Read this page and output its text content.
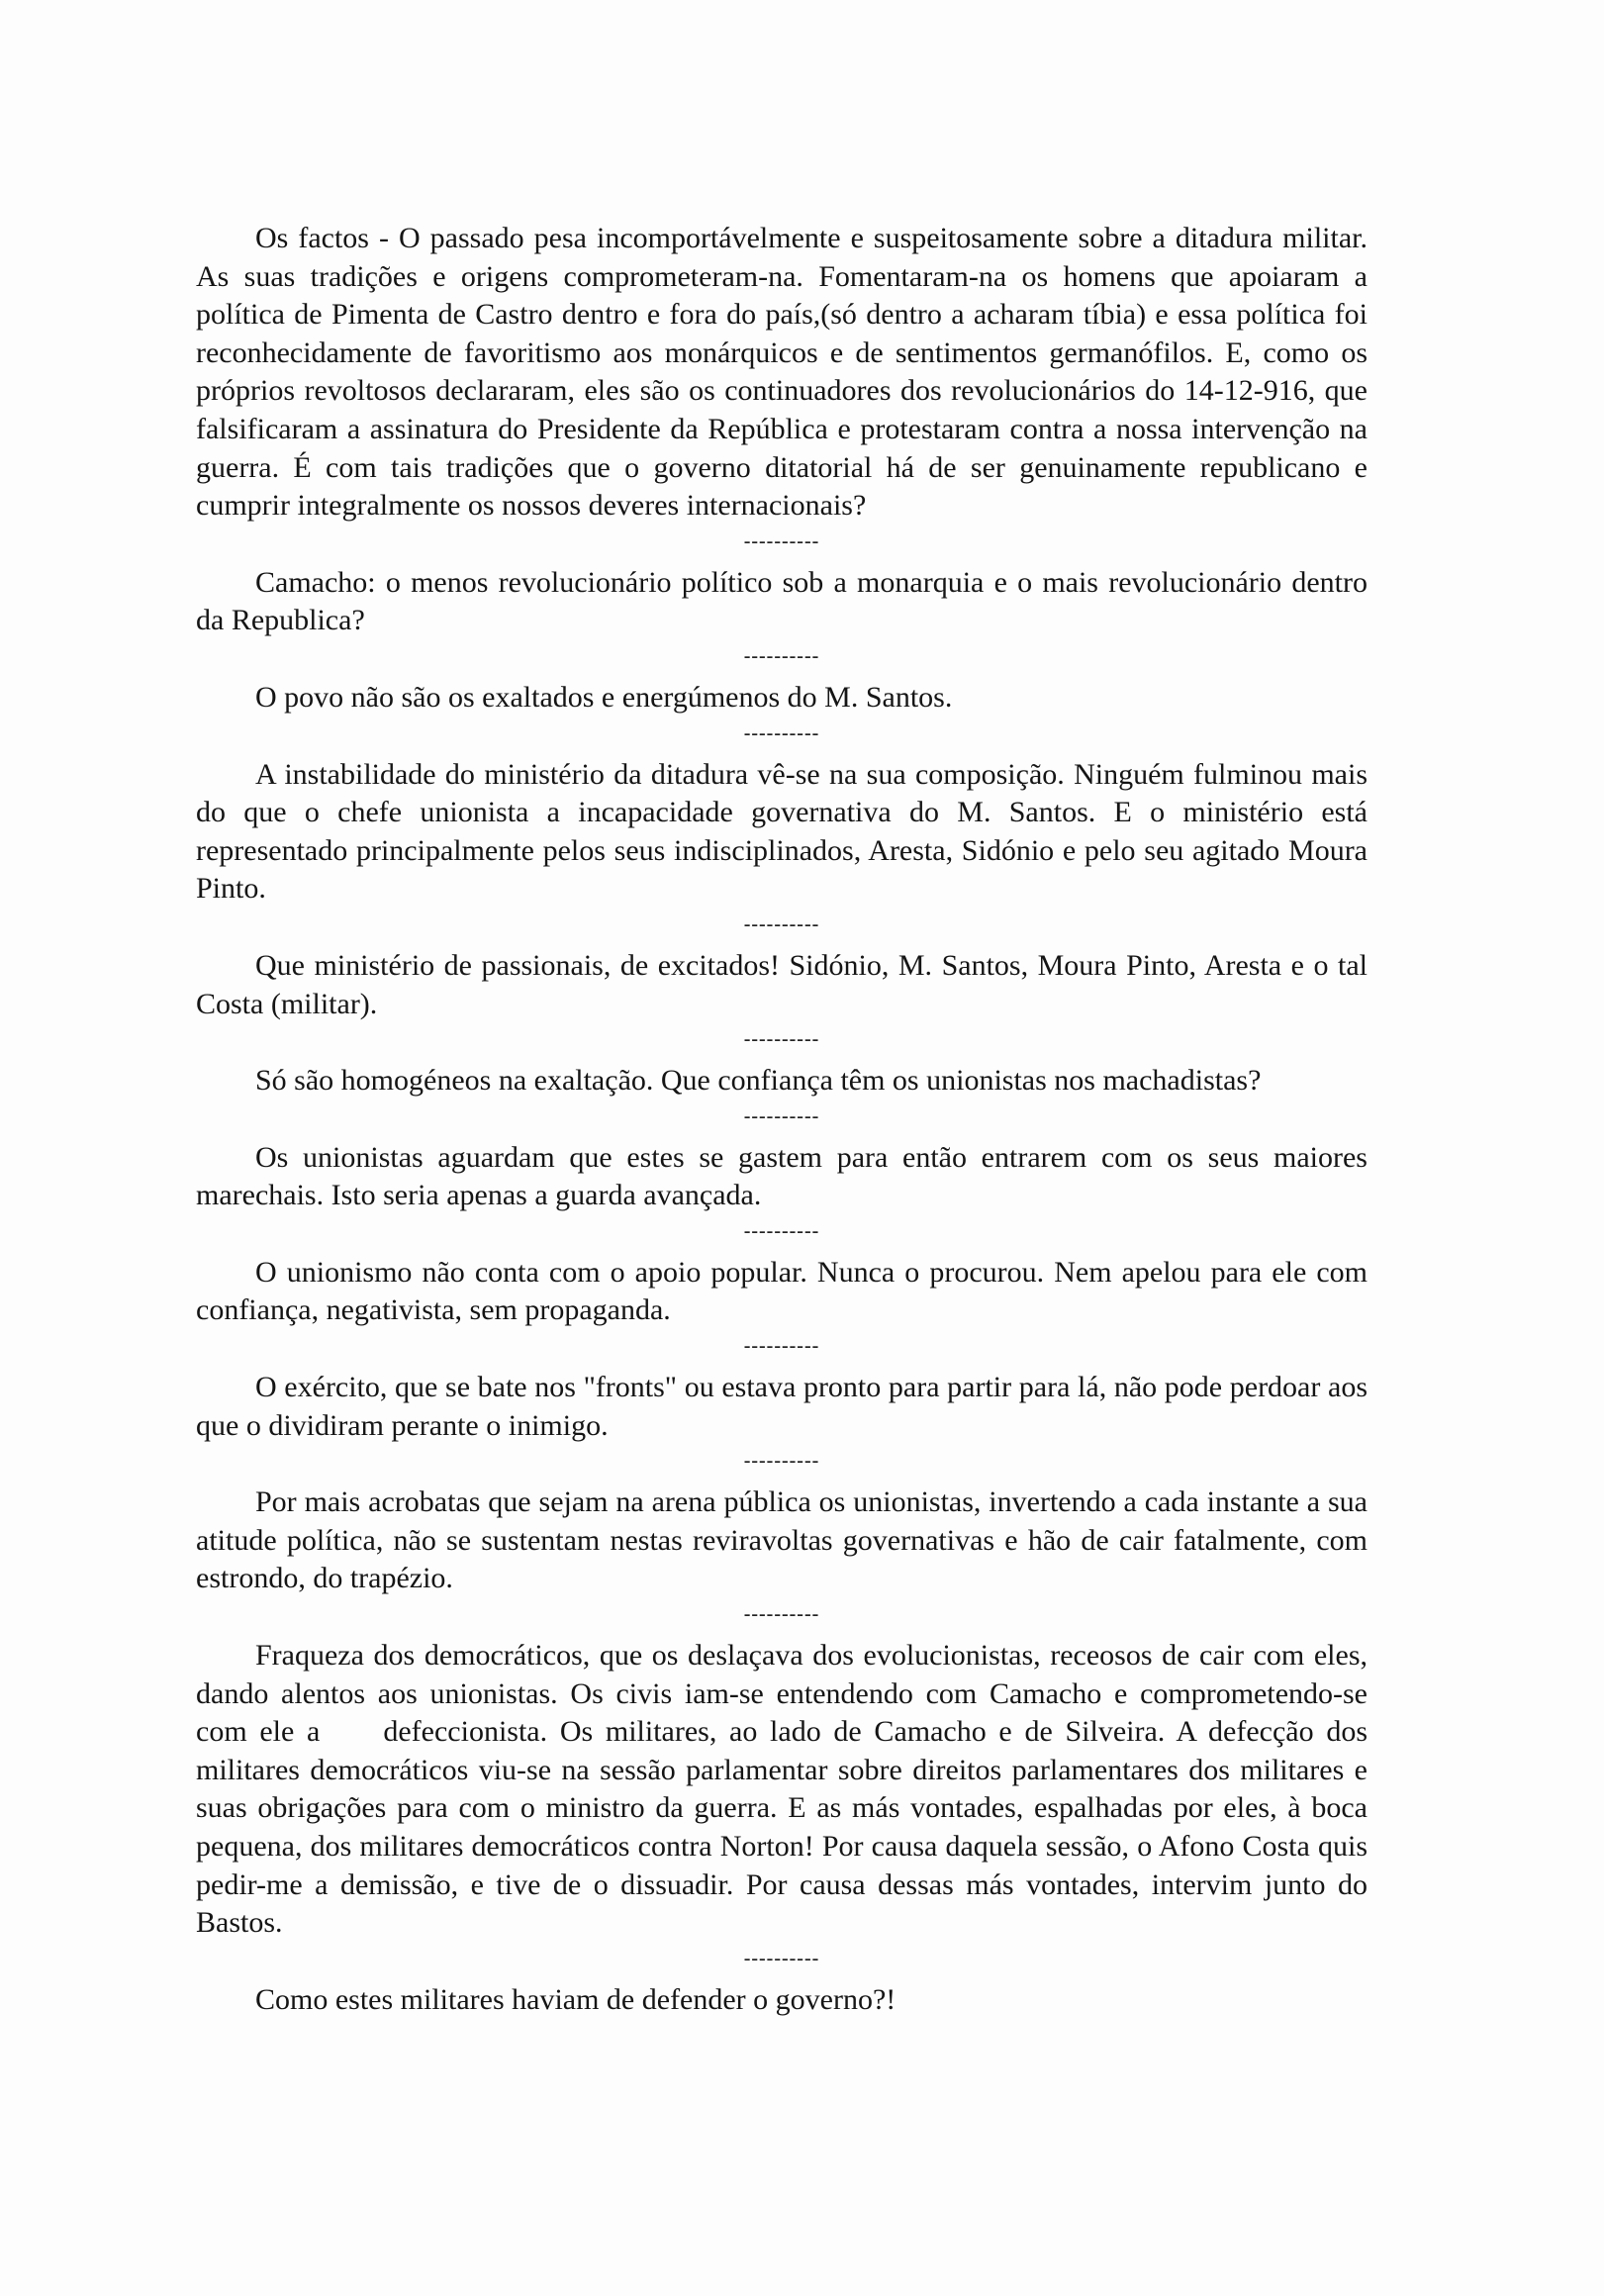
Os factos - O passado pesa incomportávelmente e suspeitosamente sobre a ditadura militar. As suas tradições e origens comprometeram-na. Fomentaram-na os homens que apoiaram a política de Pimenta de Castro dentro e fora do país,(só dentro a acharam tíbia) e essa política foi reconhecidamente de favoritismo aos monárquicos e de sentimentos germanófilos. E, como os próprios revoltosos declararam, eles são os continuadores dos revolucionários do 14-12-916, que falsificaram a assinatura do Presidente da República e protestaram contra a nossa intervenção na guerra. É com tais tradições que o governo ditatorial há de ser genuinamente republicano e cumprir integralmente os nossos deveres internacionais?

----------

Camacho: o menos revolucionário político sob a monarquia e o mais revolucionário dentro da Republica?

----------

O povo não são os exaltados e energúmenos do M. Santos.

----------

A instabilidade do ministério da ditadura vê-se na sua composição. Ninguém fulminou mais do que o chefe unionista a incapacidade governativa do M. Santos. E o ministério está representado principalmente pelos seus indisciplinados, Aresta, Sidónio e pelo seu agitado Moura Pinto.

----------

Que ministério de passionais, de excitados! Sidónio, M. Santos, Moura Pinto, Aresta e o tal Costa (militar).

----------

Só são homogéneos na exaltação. Que confiança têm os unionistas nos machadistas?

----------

Os unionistas aguardam que estes se gastem para então entrarem com os seus maiores marechais. Isto seria apenas a guarda avançada.

----------

O unionismo não conta com o apoio popular. Nunca o procurou. Nem apelou para ele com confiança, negativista, sem propaganda.

----------

O exército, que se bate nos "fronts" ou estava pronto para partir para lá, não pode perdoar aos que o dividiram perante o inimigo.

----------

Por mais acrobatas que sejam na arena pública os unionistas, invertendo a cada instante a sua atitude política, não se sustentam nestas reviravoltas governativas e hão de cair fatalmente, com estrondo, do trapézio.

----------

Fraqueza dos democráticos, que os deslaçava dos evolucionistas, receosos de cair com eles, dando alentos aos unionistas. Os civis iam-se entendendo com Camacho e comprometendo-se com ele a defeccionista. Os militares, ao lado de Camacho e de Silveira. A defecção dos militares democráticos viu-se na sessão parlamentar sobre direitos parlamentares dos militares e suas obrigações para com o ministro da guerra. E as más vontades, espalhadas por eles, à boca pequena, dos militares democráticos contra Norton! Por causa daquela sessão, o Afono Costa quis pedir-me a demissão, e tive de o dissuadir. Por causa dessas más vontades, intervim junto do Bastos.

----------

Como estes militares haviam de defender o governo?!
